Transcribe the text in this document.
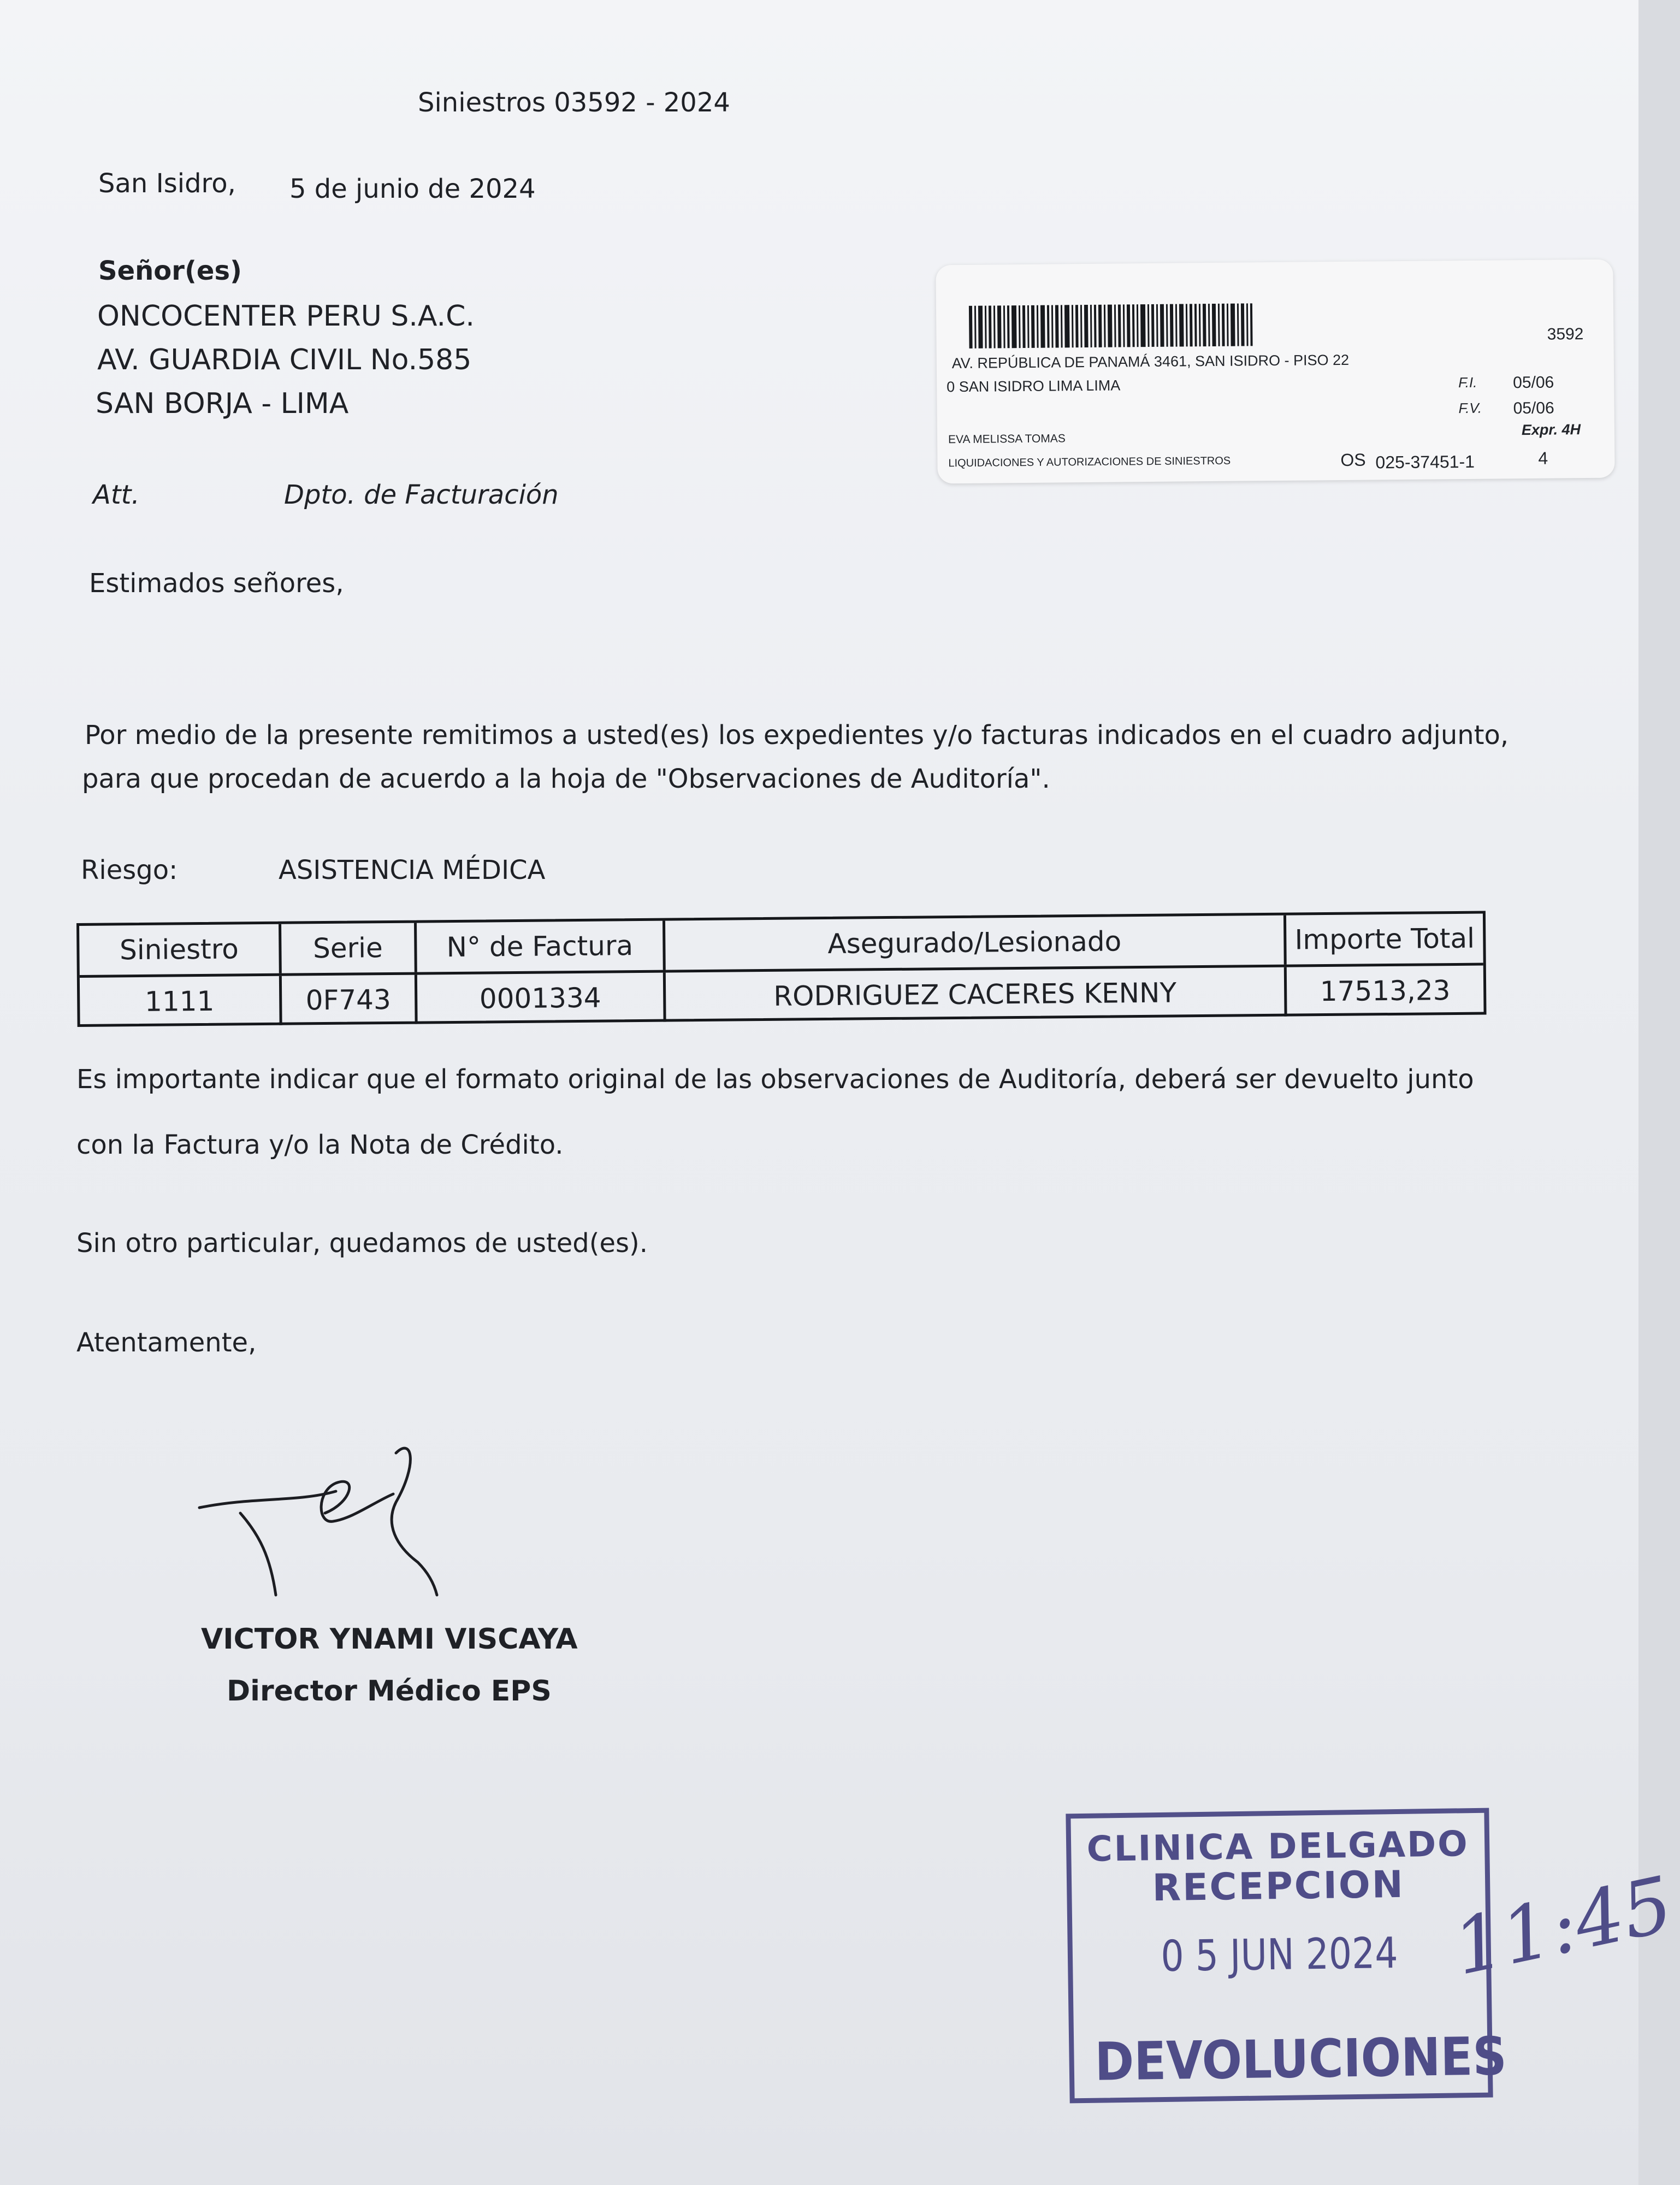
Siniestros 03592 - 2024
San Isidro, 5 de junio de 2024
Señor(es)
ONCOCENTER PERU S.A.C.
AV. GUARDIA CIVIL No.585
SAN BORJA - LIMA
Att.	Dpto. de Facturación
Estimados señores,
Por medio de la presente remitimos a usted(es) los expedientes y/o facturas indicados en el cuadro adjunto,
para que procedan de acuerdo a la hoja de "Observaciones de Auditoría".
Riesgo:	ASISTENCIA MÉDICA
Siniestro	Serie	N° de Factura	Asegurado/Lesionado	Importe Total
1111	0F743	0001334	RODRIGUEZ CACERES KENNY	17513,23
Es importante indicar que el formato original de las observaciones de Auditoría, deberá ser devuelto junto
con la Factura y/o la Nota de Crédito.
Sin otro particular, quedamos de usted(es).
Atentamente,
VICTOR YNAMI VISCAYA
Director Médico EPS
3592
AV. REPÚBLICA DE PANAMÁ 3461, SAN ISIDRO - PISO 22
0 SAN ISIDRO LIMA LIMA	F.I. 05/06
F.V. 05/06
Expr. 4H
EVA MELISSA TOMAS
LIQUIDACIONES Y AUTORIZACIONES DE SINIESTROS	OS 025-37451-1	4
CLINICA DELGADO
RECEPCION
0 5 JUN 2024
DEVOLUCIONES
11:45
